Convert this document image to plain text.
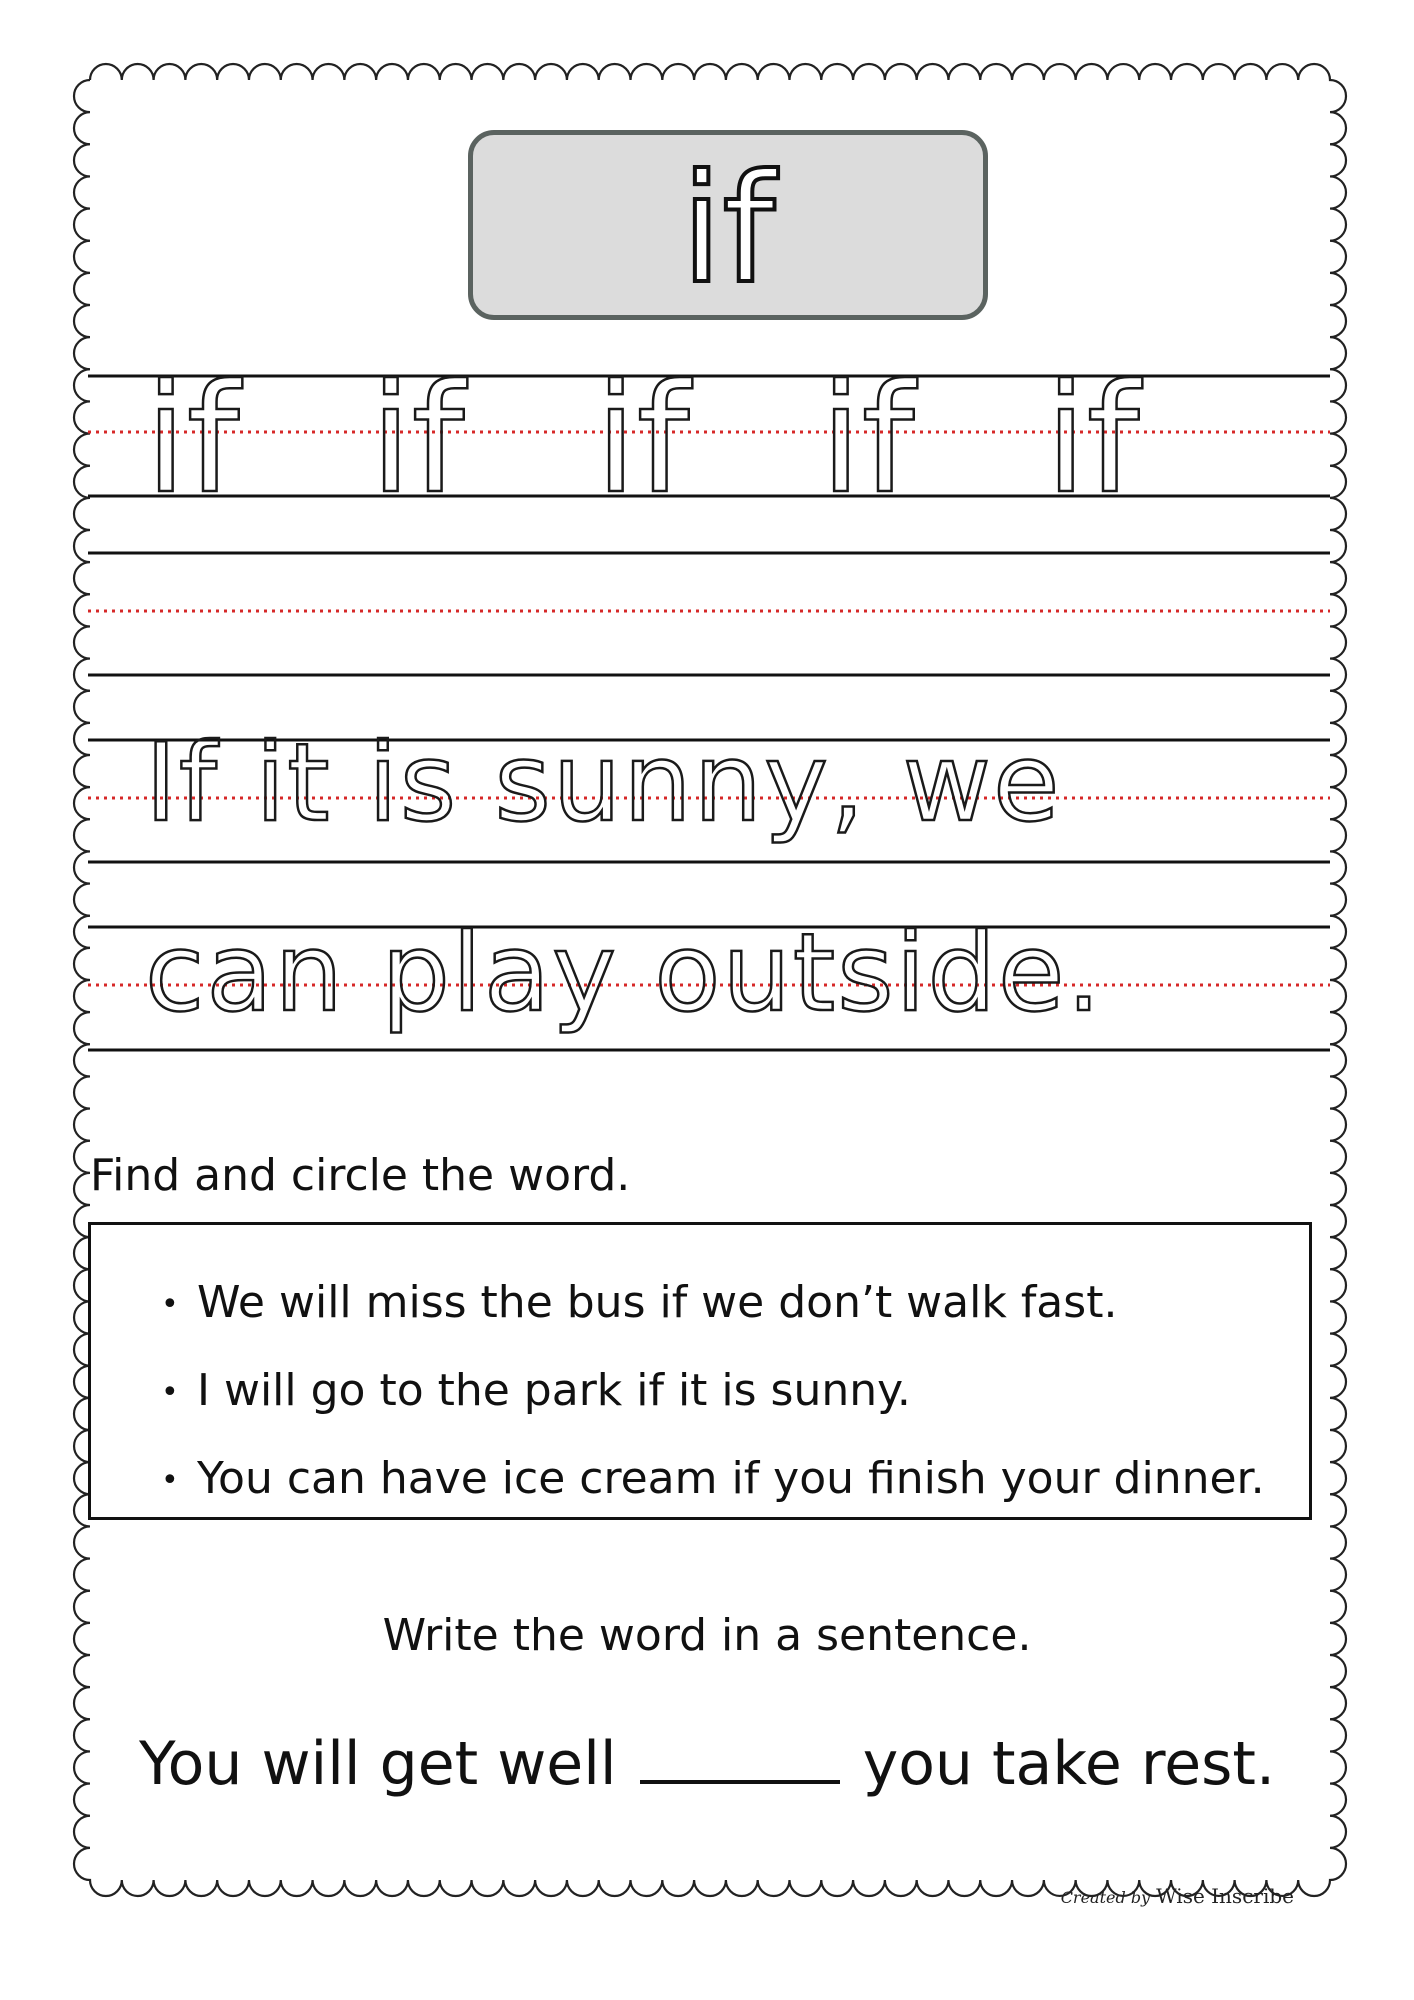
if
if if if if if
If it is sunny, we
can play outside.
Find and circle the word.
• We will miss the bus if we don’t walk fast.
• I will go to the park if it is sunny.
• You can have ice cream if you finish your dinner.
Write the word in a sentence.
You will get well	you take rest.
Created by Wise Inscribe
